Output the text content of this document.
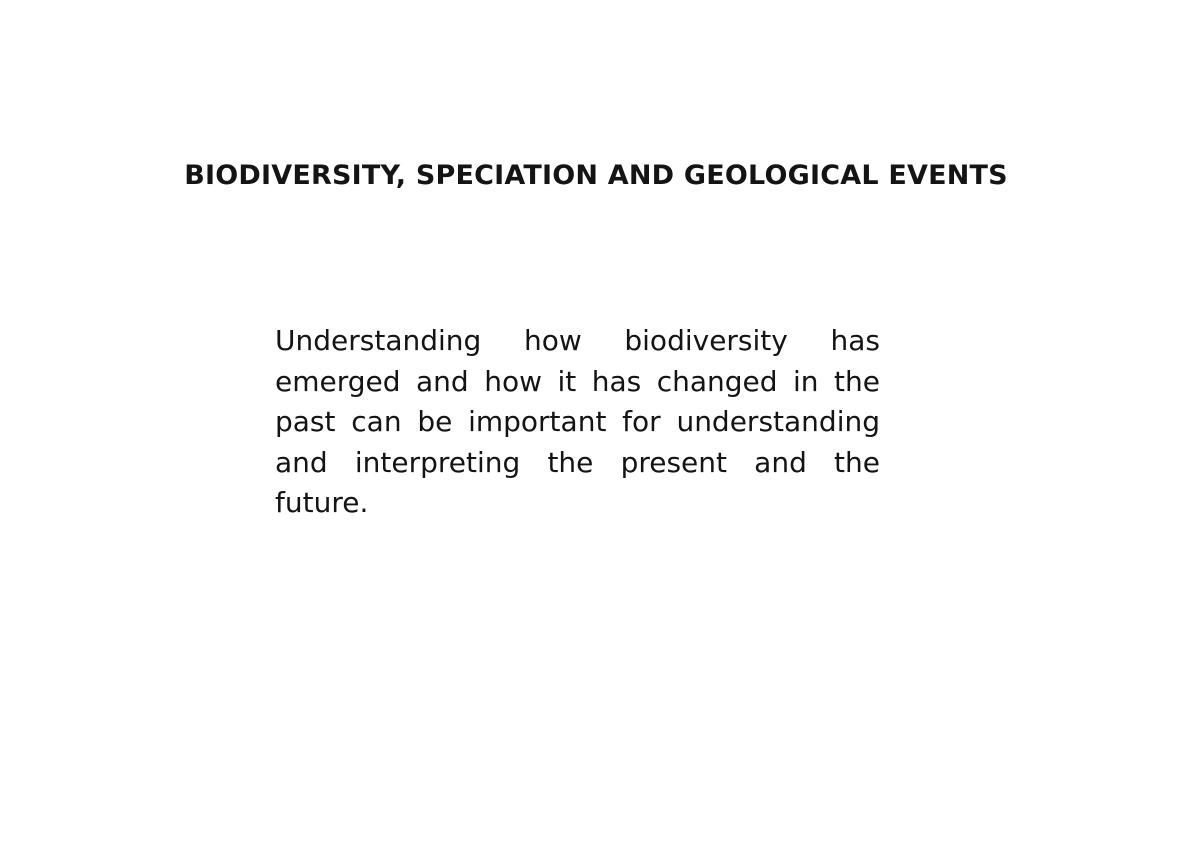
BIODIVERSITY, SPECIATION AND GEOLOGICAL EVENTS

Understanding how biodiversity has emerged and how it has changed in the past can be important for understanding and interpreting the present and the future.
